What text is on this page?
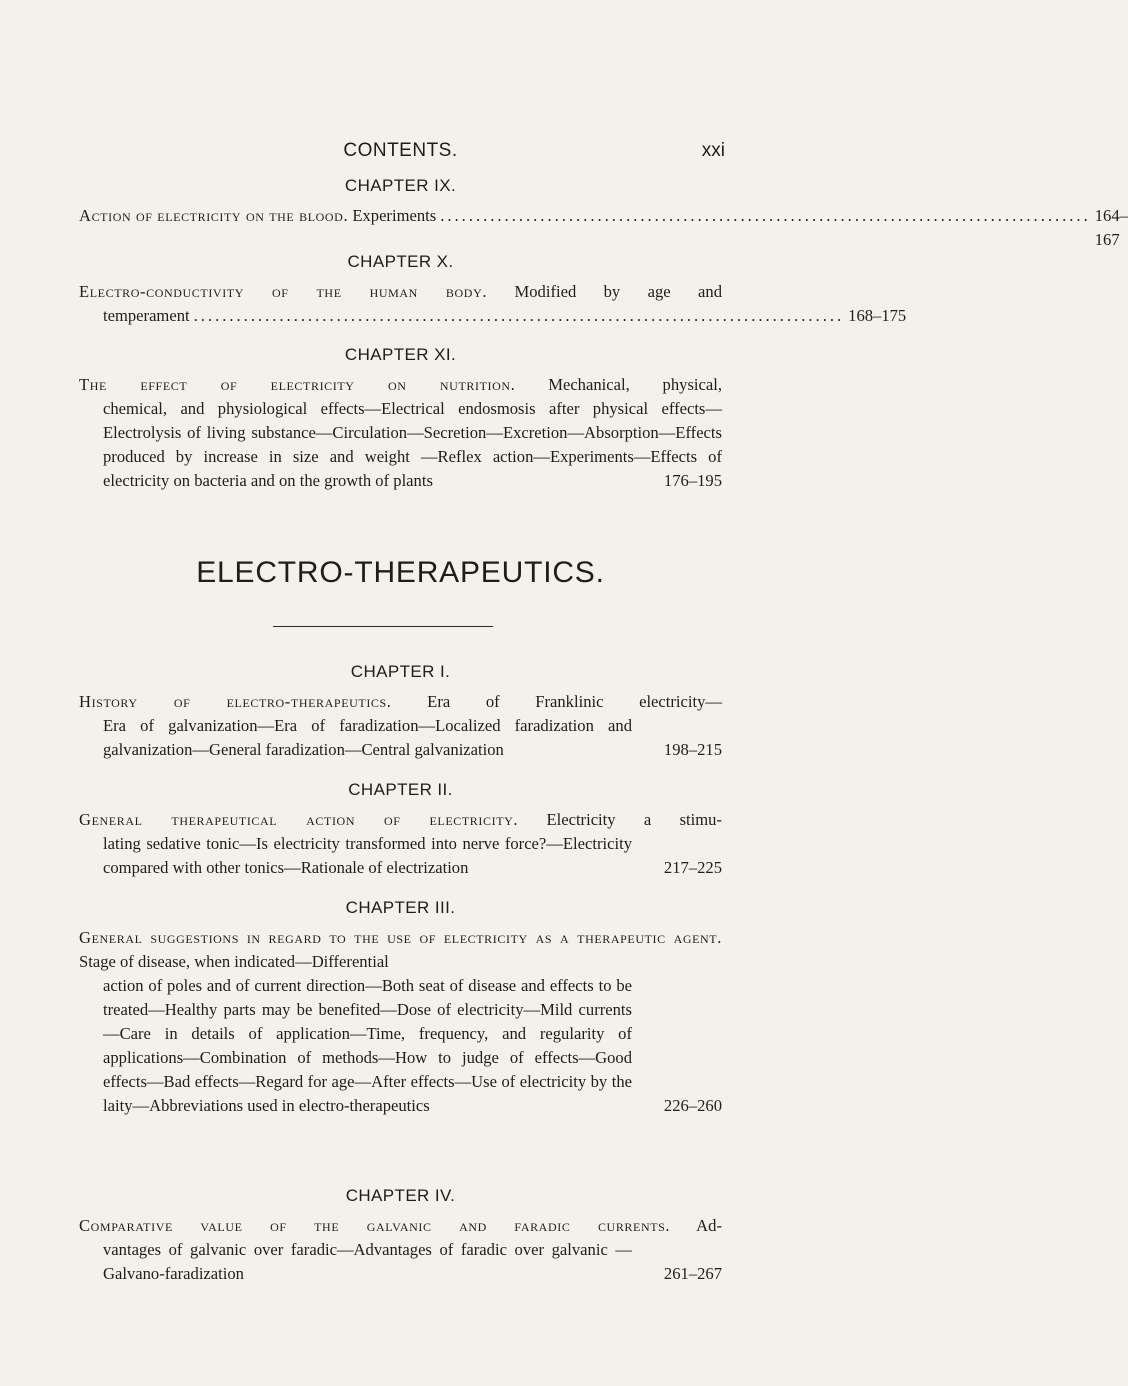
CONTENTS.	xxi
CHAPTER IX.
Action of electricity on the blood. Experiments ........................................................................................... 164–167
CHAPTER X.
Electro-conductivity of the human body. Modified by age and
temperament ........................................................................................... 168–175
CHAPTER XI.
The effect of electricity on nutrition. Mechanical, physical,
chemical, and physiological effects—Electrical endosmosis after physical effects—Electrolysis of living substance—Circulation—Secretion—Excretion—Absorption—Effects produced by increase in size and weight —Reflex action—Experiments—Effects of electricity on bacteria and on the growth of plants	176–195
ELECTRO-THERAPEUTICS.
CHAPTER I.
History of electro-therapeutics. Era of Franklinic electricity—
Era of galvanization—Era of faradization—Localized faradization and galvanization—General faradization—Central galvanization	198–215
CHAPTER II.
General therapeutical action of electricity. Electricity a stimu-
lating sedative tonic—Is electricity transformed into nerve force?—Electricity compared with other tonics—Rationale of electrization	217–225
CHAPTER III.
General suggestions in regard to the use of electricity as a therapeutic agent. Stage of disease, when indicated—Differential
action of poles and of current direction—Both seat of disease and effects to be treated—Healthy parts may be benefited—Dose of electricity—Mild currents—Care in details of application—Time, frequency, and regularity of applications—Combination of methods—How to judge of effects—Good effects—Bad effects—Regard for age—After effects—Use of electricity by the laity—Abbreviations used in electro-therapeutics	226–260
CHAPTER IV.
Comparative value of the galvanic and faradic currents. Ad-
vantages of galvanic over faradic—Advantages of faradic over galvanic —Galvano-faradization	261–267
